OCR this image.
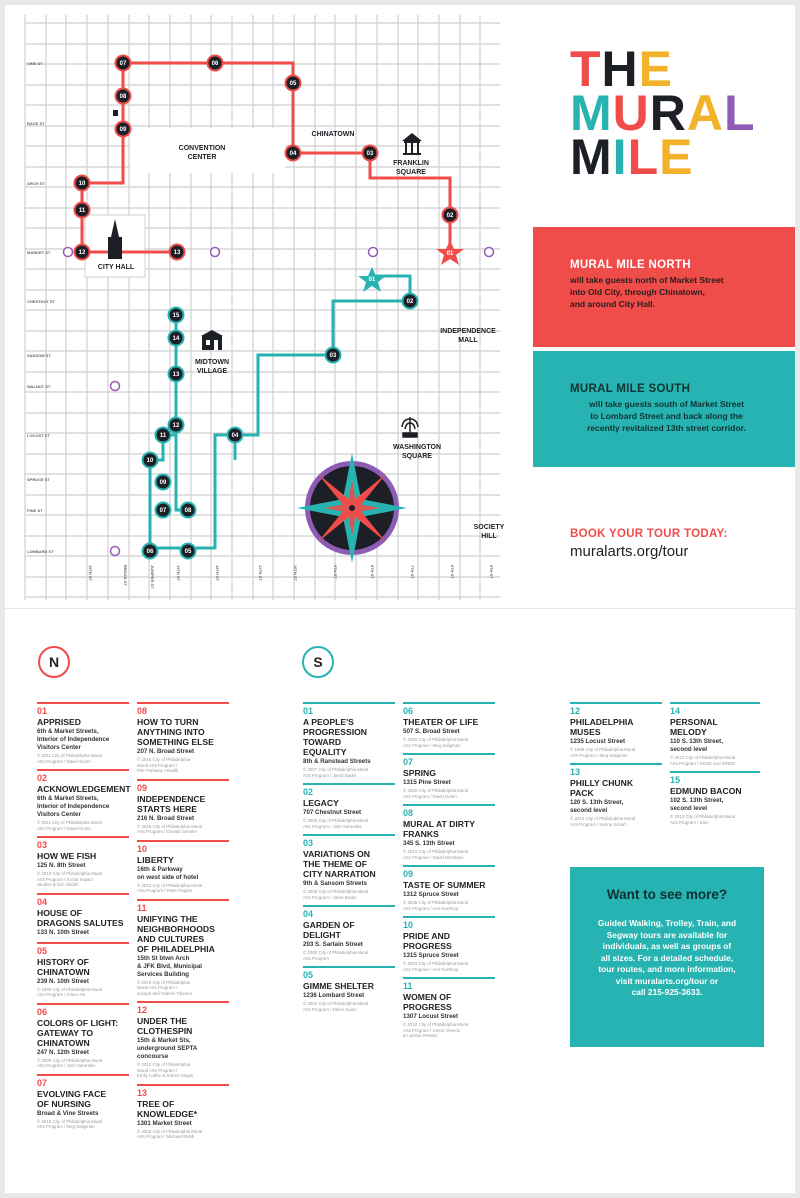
VINE ST
RACE ST
ARCH ST
MARKET ST
CHESTNUT ST
SANSOM ST
WALNUT ST
LOCUST ST
SPRUCE ST
PINE ST
LOMBARD ST
15TH ST	BROAD ST	JUNIPER ST	13TH ST	12TH ST	11TH ST	10TH ST	9TH ST	8TH ST	7TH ST	6TH ST	5TH ST
02
03
04
05
06
07
08
09
10
11
12	13
02
03
04
05
06
07	08
09
10
11
12
13
14
15
01
01
CONVENTION CENTER
CHINATOWN
FRANKLIN SQUARE
CITY HALL
INDEPENDENCE MALL
MIDTOWN VILLAGE
WASHINGTON SQUARE
SOCIETY HILL
THE
MURAL
MILE
MURAL MILE NORTH

will take guests north of Market Street
into Old City, through Chinatown,
and around City Hall.

MURAL MILE SOUTH

will take guests south of Market Street
to Lombard Street and back along the
recently revitalized 13th street corridor.

BOOK YOUR TOUR TODAY:
muralarts.org/tour
N	S
01
APPRISED
6th & Market Streets,
Interior of Independence
Visitors Center
© 2011 City of Philadelphia Mural
Arts Program / David Guinn
02
ACKNOWLEDGEMENT
6th & Market Streets,
Interior of Independence
Visitors Center
© 2011 City of Philadelphia Mural
Arts Program / David Guinn
03
HOW WE FISH
125 N. 8th Street
© 2010 City of Philadelphia Mural
Arts Program / Social Impact
Studios & Eric Okdeh
04
HOUSE OF
DRAGONS SALUTES
133 N. 10th Street
05
HISTORY OF
CHINATOWN
239 N. 10th Street
© 1995 City of Philadelphia Mural
Arts Program / Arturo Ho
06
COLORS OF LIGHT:
GATEWAY TO
CHINATOWN
247 N. 12th Street
© 2009 City of Philadelphia Mural
Arts Program / Josh Sarantitis
07
EVOLVING FACE
OF NURSING
Broad & Vine Streets
© 2015 City of Philadelphia Mural
Arts Program / Meg Saligman
08
HOW TO TURN
ANYTHING INTO
SOMETHING ELSE
207 N. Broad Street
© 2015 City of Philadelphia
Mural Arts Program /
Pier Parkway Artwalk
09
INDEPENDENCE
STARTS HERE
216 N. Broad Street
© 2016 City of Philadelphia Mural
Arts Program / Donald Gensler
10
LIBERTY
16th & Parkway
on west side of hotel
© 2013 City of Philadelphia Mural
Arts Program / Peter Pagast
11
UNIFYING THE
NEIGHBORHOODS
AND CULTURES
OF PHILADELPHIA
15th St btwn Arch
& JFK Blvd, Municipal
Services Building
© 2015 City of Philadelphia
Mural Arts Program /
Joseph and Gabriel Tiberino
12
UNDER THE
CLOTHESPIN
15th & Market Sts,
underground SEPTA
concourse
© 2012 City of Philadelphia
Mural Arts Program /
Emily Lubbe & Robert Singer
13
TREE OF
KNOWLEDGE*
1301 Market Street
© 2003 City of Philadelphia Mural
Arts Program / Michael Webb
01
A PEOPLE'S
PROGRESSION
TOWARD
EQUALITY
8th & Ranstead Streets
© 2007 City of Philadelphia Mural
Arts Program / Jared Bader
02
LEGACY
707 Chestnut Street
© 2006 City of Philadelphia Mural
Arts Program / Josh Sarantitis
03
VARIATIONS ON
THE THEME OF
CITY NARRATION
9th & Sansom Streets
© 2006 City of Philadelphia Mural
Arts Program / Jared Bader
04
GARDEN OF
DELIGHT
203 S. Sartain Street
© 2000 City of Philadelphia Mural
Arts Program
05
GIMME SHELTER
1236 Lombard Street
© 2004 City of Philadelphia Mural
Arts Program / David Guinn
06
THEATER OF LIFE
507 S. Broad Street
© 2002 City of Philadelphia Mural
Arts Program / Meg Saligman
07
SPRING
1315 Pine Street
© 2000 City of Philadelphia Mural
Arts Program / David Guinn
08
MURAL AT DIRTY
FRANKS
345 S. 13th Street
© 2010 City of Philadelphia Mural
Arts Program / David McShane
09
TASTE OF SUMMER
1312 Spruce Street
© 2008 City of Philadelphia Mural
Arts Program / Ann Northrup
10
PRIDE AND
PROGRESS
1315 Spruce Street
© 2003 City of Philadelphia Mural
Arts Program / Ann Northrup
11
WOMEN OF
PROGRESS
1307 Locust Street
© 2010 City of Philadelphia Mural
Arts Program / Cesar Viveros
& Larissa Preston
12
PHILADELPHIA
MUSES
1235 Locust Street
© 1999 City of Philadelphia Mural
Arts Program / Meg Saligman
13
PHILLY CHUNK
PACK
120 S. 13th Street,
second level
© 2013 City of Philadelphia Mural
Arts Program / Kenny Scharf
14
PERSONAL
MELODY
110 S. 13th Street,
second level
© 2013 City of Philadelphia Mural
Arts Program / NOSE and WNDR
15
EDMUND BACON
102 S. 13th Street,
second level
© 2013 City of Philadelphia Mural
Arts Program / Sam
Want to see more?

Guided Walking, Trolley, Train, and
Segway tours are available for
individuals, as well as groups of
all sizes. For a detailed schedule,
tour routes, and more information,
visit muralarts.org/tour or
call 215-925-3633.
